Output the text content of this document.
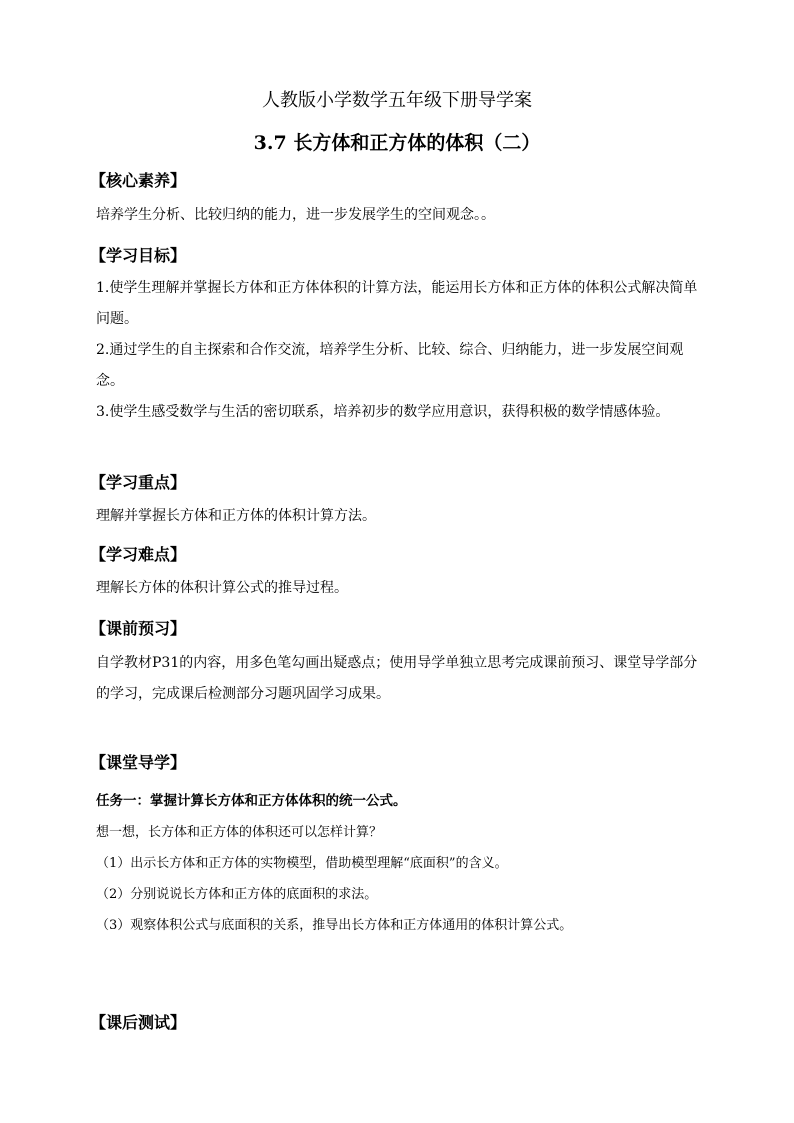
人教版小学数学五年级下册导学案
3.7 长方体和正方体的体积（二）
【核心素养】
培养学生分析、比较归纳的能力，进一步发展学生的空间观念。。
【学习目标】
1.使学生理解并掌握长方体和正方体体积的计算方法，能运用长方体和正方体的体积公式解决简单问题。
2.通过学生的自主探索和合作交流，培养学生分析、比较、综合、归纳能力，进一步发展空间观念。
3.使学生感受数学与生活的密切联系，培养初步的数学应用意识，获得积极的数学情感体验。
【学习重点】
理解并掌握长方体和正方体的体积计算方法。
【学习难点】
理解长方体的体积计算公式的推导过程。
【课前预习】
自学教材P31的内容，用多色笔勾画出疑惑点；使用导学单独立思考完成课前预习、课堂导学部分的学习，完成课后检测部分习题巩固学习成果。
【课堂导学】
任务一：掌握计算长方体和正方体体积的统一公式。
想一想，长方体和正方体的体积还可以怎样计算？
（1）出示长方体和正方体的实物模型，借助模型理解“底面积”的含义。
（2）分别说说长方体和正方体的底面积的求法。
（3）观察体积公式与底面积的关系，推导出长方体和正方体通用的体积计算公式。
【课后测试】
